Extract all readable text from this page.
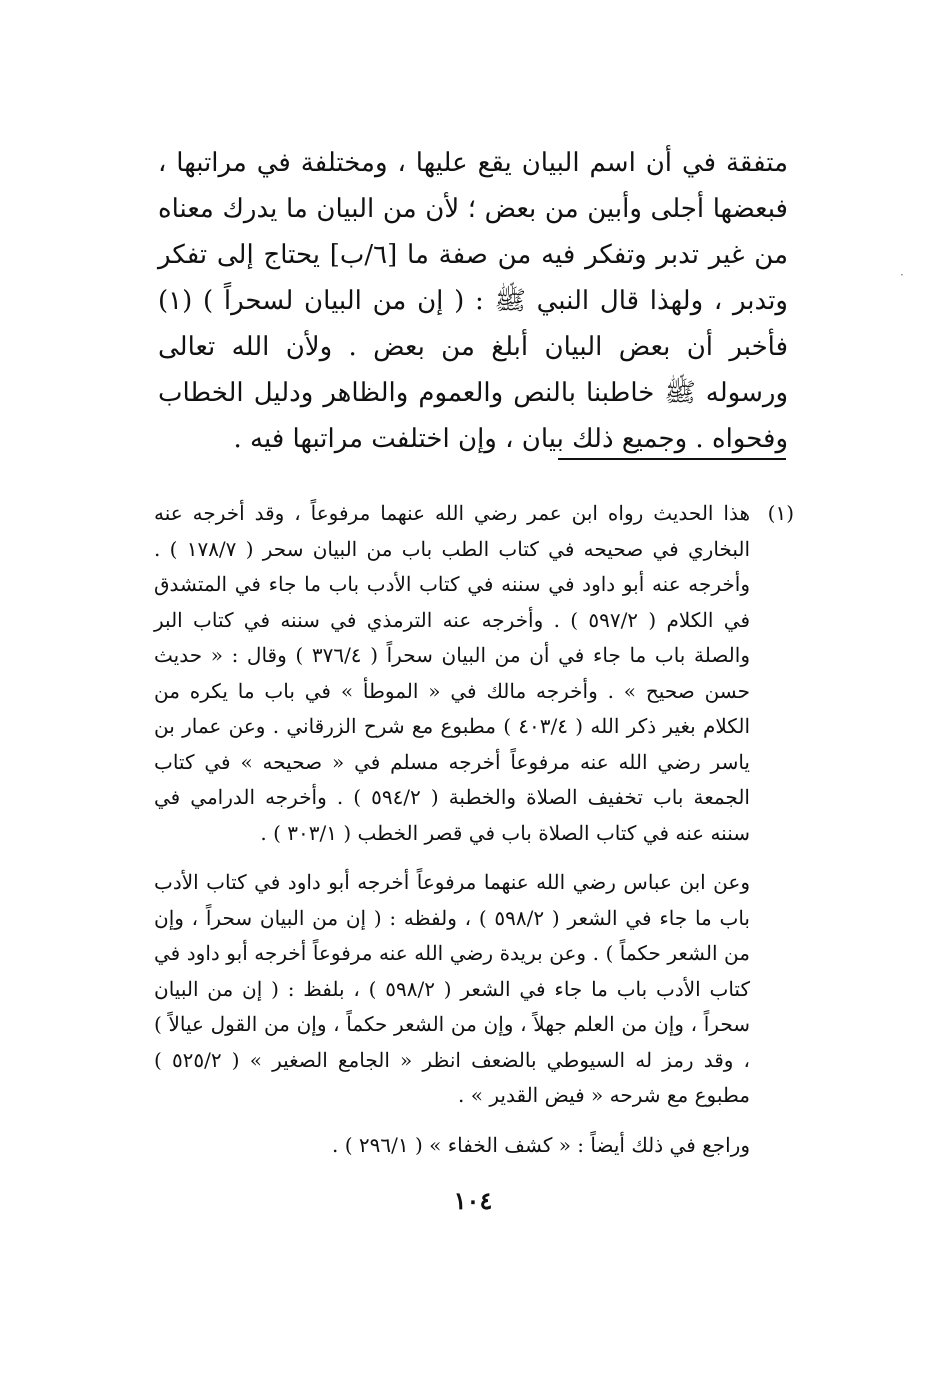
متفقة في أن اسم البيان يقع عليها ، ومختلفة في مراتبها ، فبعضها أجلى وأبين من بعض ؛ لأن من البيان ما يدرك معناه من غير تدبر وتفكر فيه من صفة ما [٦/ب] يحتاج إلى تفكر وتدبر ، ولهذا قال النبي ﷺ : ( إن من البيان لسحراً ) (١) فأخبر أن بعض البيان أبلغ من بعض . ولأن الله تعالى ورسوله ﷺ خاطبنا بالنص والعموم والظاهر ودليل الخطاب وفحواه . وجميع ذلك بيان ، وإن اختلفت مراتبها فيه .

(١)

هذا الحديث رواه ابن عمر رضي الله عنهما مرفوعاً ، وقد أخرجه عنه البخاري في صحيحه في كتاب الطب باب من البيان سحر ( ١٧٨/٧ ) . وأخرجه عنه أبو داود في سننه في كتاب الأدب باب ما جاء في المتشدق في الكلام ( ٥٩٧/٢ ) . وأخرجه عنه الترمذي في سننه في كتاب البر والصلة باب ما جاء في أن من البيان سحراً ( ٣٧٦/٤ ) وقال : « حديث حسن صحيح » . وأخرجه مالك في « الموطأ » في باب ما يكره من الكلام بغير ذكر الله ( ٤٠٣/٤ ) مطبوع مع شرح الزرقاني . وعن عمار بن ياسر رضي الله عنه مرفوعاً أخرجه مسلم في « صحيحه » في كتاب الجمعة باب تخفيف الصلاة والخطبة ( ٥٩٤/٢ ) . وأخرجه الدرامي في سننه عنه في كتاب الصلاة باب في قصر الخطب ( ٣٠٣/١ ) .

وعن ابن عباس رضي الله عنهما مرفوعاً أخرجه أبو داود في كتاب الأدب باب ما جاء في الشعر ( ٥٩٨/٢ ) ، ولفظه : ( إن من البيان سحراً ، وإن من الشعر حكماً ) . وعن بريدة رضي الله عنه مرفوعاً أخرجه أبو داود في كتاب الأدب باب ما جاء في الشعر ( ٥٩٨/٢ ) ، بلفظ : ( إن من البيان سحراً ، وإن من العلم جهلاً ، وإن من الشعر حكماً ، وإن من القول عيالاً ) ، وقد رمز له السيوطي بالضعف انظر « الجامع الصغير » ( ٥٢٥/٢ ) مطبوع مع شرحه « فيض القدير » .

وراجع في ذلك أيضاً : « كشف الخفاء » ( ٢٩٦/١ ) .

١٠٤
·
